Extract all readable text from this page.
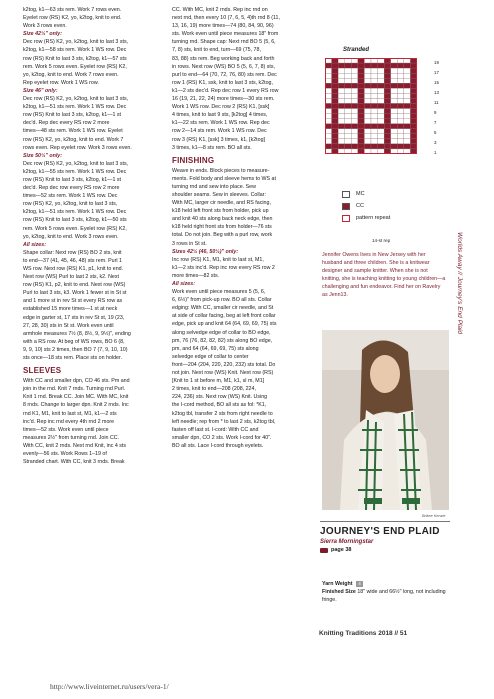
k2tog, k1—63 sts rem. Work 7 rows even.
Eyelet row (RS) K2, yo, k2tog, knit to end.
Work 3 rows even.
Size 42½" only:
Dec row (RS) K2, yo, k2tog, knit to last 3 sts,
k2tog, k1—58 sts rem. Work 1 WS row. Dec
row (RS) Knit to last 3 sts, k2tog, k1—57 sts
rem. Work 5 rows even. Eyelet row (RS) K2,
yo, k2tog, knit to end. Work 7 rows even.
Rep eyelet row. Work 1 WS row.
Size 46" only:
Dec row (RS) K2, yo, k2tog, knit to last 3 sts,
k2tog, k1—51 sts rem. Work 1 WS row. Dec
row (RS) Knit to last 3 sts, k2tog, k1—1 st
dec'd. Rep dec every RS row 2 more
times—48 sts rem. Work 1 WS row. Eyelet
row (RS) K2, yo, k2tog, knit to end. Work 7
rows even. Rep eyelet row. Work 3 rows even.
Size 50½" only:
Dec row (RS) K2, yo, k2tog, knit to last 3 sts,
k2tog, k1—55 sts rem. Work 1 WS row. Dec
row (RS) Knit to last 3 sts, k2tog, k1—1 st
dec'd. Rep dec row every RS row 2 more
times—52 sts rem. Work 1 WS row. Dec
row (RS) K2, yo, k2tog, knit to last 3 sts,
k2tog, k1—51 sts rem. Work 1 WS row. Dec
row (RS) Knit to last 3 sts, k2tog, k1—50 sts
rem. Work 5 rows even. Eyelet row (RS) K2,
yo, k2tog, knit to end. Work 3 rows even.
All sizes:
Shape collar: Next row (RS) BO 2 sts, knit
to end—37 (41, 45, 46, 48) sts rem. Purl 1
WS row. Next row (RS) K1, p1, knit to end.
Next row (WS) Purl to last 2 sts, k2. Next
row (RS) K1, p2, knit to end. Next row (WS)
Purl to last 3 sts, k3. Work 1 fewer st in St st
and 1 more st in rev St st every RS row as
established 15 more times—1 st at neck
edge in garter st, 17 sts in rev St st, 19 (23,
27, 28, 30) sts in St st. Work even until
armhole measures 7½ (8, 8½, 9, 9½)", ending
with a RS row. At beg of WS rows, BO 6 (8,
9, 9, 10) sts 2 times, then BO 7 (7, 9, 10, 10)
sts once—18 sts rem. Place sts on holder.
SLEEVES
With CC and smaller dpn, CO 46 sts. Pm and
join in the rnd. Knit 7 rnds. Turning rnd Purl.
Knit 1 rnd. Break CC. Join MC. With MC, knit
8 rnds. Change to larger dpn. Knit 2 rnds. Inc
rnd K1, M1, knit to last st, M1, k1—2 sts
inc'd. Rep inc rnd every 4th rnd 2 more
times—52 sts. Work even until piece
measures 2½" from turning rnd. Join CC.
With CC, knit 2 rnds. Next rnd Knit, inc 4 sts
evenly—56 sts. Work Rows 1–19 of
Stranded chart. With CC, knit 3 rnds. Break
CC. With MC, knit 2 rnds. Rep inc rnd on
next rnd, then every 10 (7, 6, 5, 4)th rnd 8 (11,
13, 16, 19) more times—74 (80, 84, 90, 96)
sts. Work even until piece measures 18" from
turning rnd. Shape cap: Next rnd BO 5 (5, 6,
7, 8) sts, knit to end, turn—69 (75, 78,
83, 88) sts rem. Beg working back and forth
in rows. Next row (WS) BO 5 (5, 6, 7, 8) sts,
purl to end—64 (70, 72, 76, 80) sts rem. Dec
row 1 (RS) K1, ssk, knit to last 3 sts, k2tog,
k1—2 sts dec'd. Rep dec row 1 every RS row
16 (19, 21, 22, 24) more times—30 sts rem.
Work 1 WS row. Dec row 2 (RS) K1, [ssk]
4 times, knit to last 9 sts, [k2tog] 4 times,
k1—22 sts rem. Work 1 WS row. Rep dec
row 2—14 sts rem. Work 1 WS row. Dec
row 3 (RS) K1, [ssk] 3 times, k1, [k2tog]
3 times, k1—8 sts rem. BO all sts.
FINISHING
Weave in ends. Block pieces to measure-
ments. Fold body and sleeve hems to WS at
turning rnd and sew into place. Sew
shoulder seams. Sew in sleeves. Collar:
With MC, larger cir needle, and RS facing,
k18 held left front sts from holder, pick up
and knit 40 sts along back neck edge, then
k18 held right front sts from holder—76 sts
total. Do not join. Beg with a purl row, work
3 rows in St st.
Sizes 42½ (46, 50½)" only:
Inc row (RS) K1, M1, knit to last st, M1,
k1—2 sts inc'd. Rep inc row every RS row 2
more times—82 sts.
All sizes:
Work even until piece measures 5 (5, 6,
6, 6½)" from pick-up row. BO all sts. Collar
edging: With CC, smaller cir needle, and St
at side of collar facing, beg at left front collar
edge, pick up and knit 64 (64, 69, 69, 75) sts
along selvedge edge of collar to BO edge,
pm, 76 (76, 82, 82, 82) sts along BO edge,
pm, and 64 (64, 69, 69, 75) sts along
selvedge edge of collar to center
front—204 (204, 220, 220, 232) sts total. Do
not join. Next row (WS) Knit. Next row (RS)
[Knit to 1 st before m, M1, k1, sl m, M1]
2 times, knit to end—208 (208, 224,
224, 236) sts. Next row (WS) Knit. Using
the I-cord method, BO all sts as fol: *K1,
k2tog tbl, transfer 2 sts from right needle to
left needle; rep from * to last 2 sts, k2tog tbl,
fasten off last st. I-cord: With CC and
smaller dpn, CO 2 sts. Work I-cord for 40".
BO all sts. Lace I-cord through eyelets.
Stranded
19
17
15
13
11
9
7
5
3
1
14-st rep
MC
CC
pattern repeat
Worlds Away // Journey's End Plaid
Jennifer Owens lives in New Jersey with her husband and three children. She is a knitwear designer and sample knitter. When she is not knitting, she is teaching knitting to young children—a challenging and fun endeavor. Find her on Ravelry as Jenn13.
Brikee Kenzie
JOURNEY'S END PLAID
Sierra Morningstar
page 38
Yarn Weight 4
Finished Size 18" wide and 66½" long, not including fringe.
Knitting Traditions 2018 // 51
http://www.liveinternet.ru/users/vera-1/
